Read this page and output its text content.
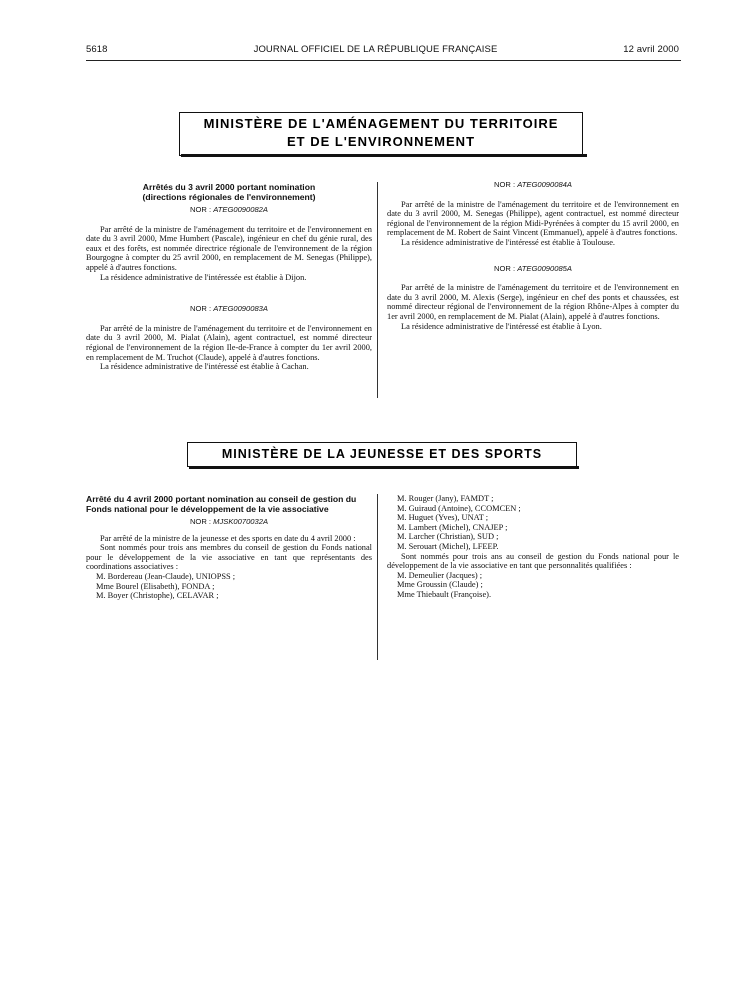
5618	JOURNAL OFFICIEL DE LA RÉPUBLIQUE FRANÇAISE	12 avril 2000
MINISTÈRE DE L'AMÉNAGEMENT DU TERRITOIRE
ET DE L'ENVIRONNEMENT
Arrêtés du 3 avril 2000 portant nomination
(directions régionales de l'environnement)
NOR : ATEG0090082A

Par arrêté de la ministre de l'aménagement du territoire et de l'environnement en date du 3 avril 2000, Mme Humbert (Pascale), ingénieur en chef du génie rural, des eaux et des forêts, est nommée directrice régionale de l'environnement de la région Bourgogne à compter du 25 avril 2000, en remplacement de M. Senegas (Philippe), appelé à d'autres fonctions.

La résidence administrative de l'intéressée est établie à Dijon.

NOR : ATEG0090083A

Par arrêté de la ministre de l'aménagement du territoire et de l'environnement en date du 3 avril 2000, M. Pialat (Alain), agent contractuel, est nommé directeur régional de l'environnement de la région Ile-de-France à compter du 1er avril 2000, en remplacement de M. Truchot (Claude), appelé à d'autres fonctions.

La résidence administrative de l'intéressé est établie à Cachan.

NOR : ATEG0090084A

Par arrêté de la ministre de l'aménagement du territoire et de l'environnement en date du 3 avril 2000, M. Senegas (Philippe), agent contractuel, est nommé directeur régional de l'environnement de la région Midi-Pyrénées à compter du 15 avril 2000, en remplacement de M. Robert de Saint Vincent (Emmanuel), appelé à d'autres fonctions.

La résidence administrative de l'intéressé est établie à Toulouse.

NOR : ATEG0090085A

Par arrêté de la ministre de l'aménagement du territoire et de l'environnement en date du 3 avril 2000, M. Alexis (Serge), ingénieur en chef des ponts et chaussées, est nommé directeur régional de l'environnement de la région Rhône-Alpes à compter du 1er avril 2000, en remplacement de M. Pialat (Alain), appelé à d'autres fonctions.

La résidence administrative de l'intéressé est établie à Lyon.

MINISTÈRE DE LA JEUNESSE ET DES SPORTS
Arrêté du 4 avril 2000 portant nomination au conseil de gestion du Fonds national pour le développement de la vie associative
NOR : MJSK0070032A

Par arrêté de la ministre de la jeunesse et des sports en date du 4 avril 2000 :

Sont nommés pour trois ans membres du conseil de gestion du Fonds national pour le développement de la vie associative en tant que représentants des coordinations associatives :

M. Bordereau (Jean-Claude), UNIOPSS ;

Mme Bourel (Elisabeth), FONDA ;

M. Boyer (Christophe), CELAVAR ;

M. Rouger (Jany), FAMDT ;

M. Guiraud (Antoine), CCOMCEN ;

M. Huguet (Yves), UNAT ;

M. Lambert (Michel), CNAJEP ;

M. Larcher (Christian), SUD ;

M. Serouart (Michel), LFEEP.

Sont nommés pour trois ans au conseil de gestion du Fonds national pour le développement de la vie associative en tant que personnalités qualifiées :

M. Demeulier (Jacques) ;

Mme Groussin (Claude) ;

Mme Thiebault (Françoise).
